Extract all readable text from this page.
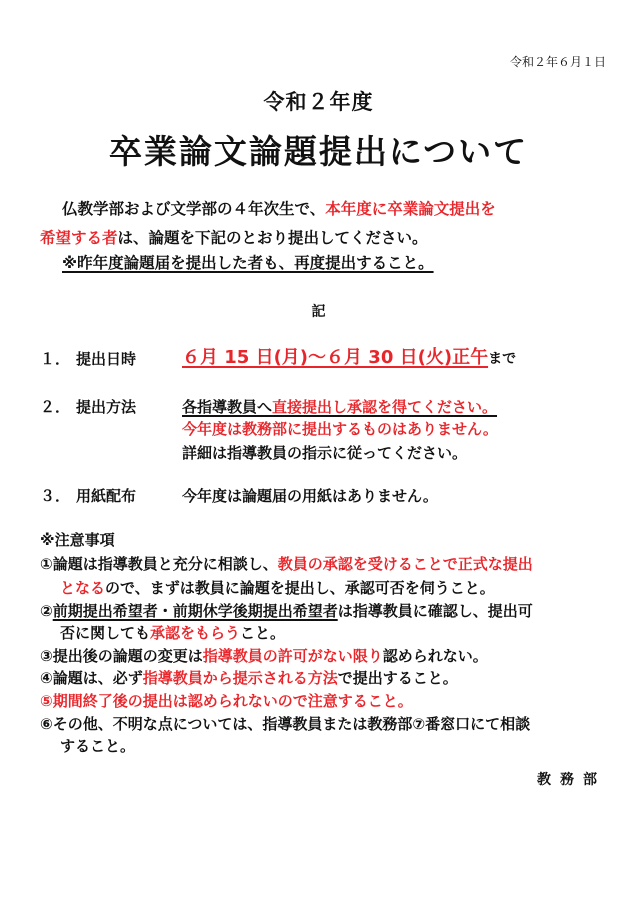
令和２年６月１日
令和２年度
卒業論文論題提出について
仏教学部および文学部の４年次生で、本年度に卒業論文提出を
希望する者は、論題を下記のとおり提出してください。
※昨年度論題届を提出した者も、再度提出すること。
記
１． 提出日時	６月 15 日(月)～６月 30 日(火)正午まで
２． 提出方法	各指導教員へ直接提出し承認を得てください。
今年度は教務部に提出するものはありません。
詳細は指導教員の指示に従ってください。
３． 用紙配布	今年度は論題届の用紙はありません。
※注意事項
①論題は指導教員と充分に相談し、教員の承認を受けることで正式な提出
となるので、まずは教員に論題を提出し、承認可否を伺うこと。
②前期提出希望者・前期休学後期提出希望者は指導教員に確認し、提出可
否に関しても承認をもらうこと。
③提出後の論題の変更は指導教員の許可がない限り認められない。
④論題は、必ず指導教員から提示される方法で提出すること。
⑤期間終了後の提出は認められないので注意すること。
⑥その他、不明な点については、指導教員または教務部⑦番窓口にて相談
すること。
教務部
